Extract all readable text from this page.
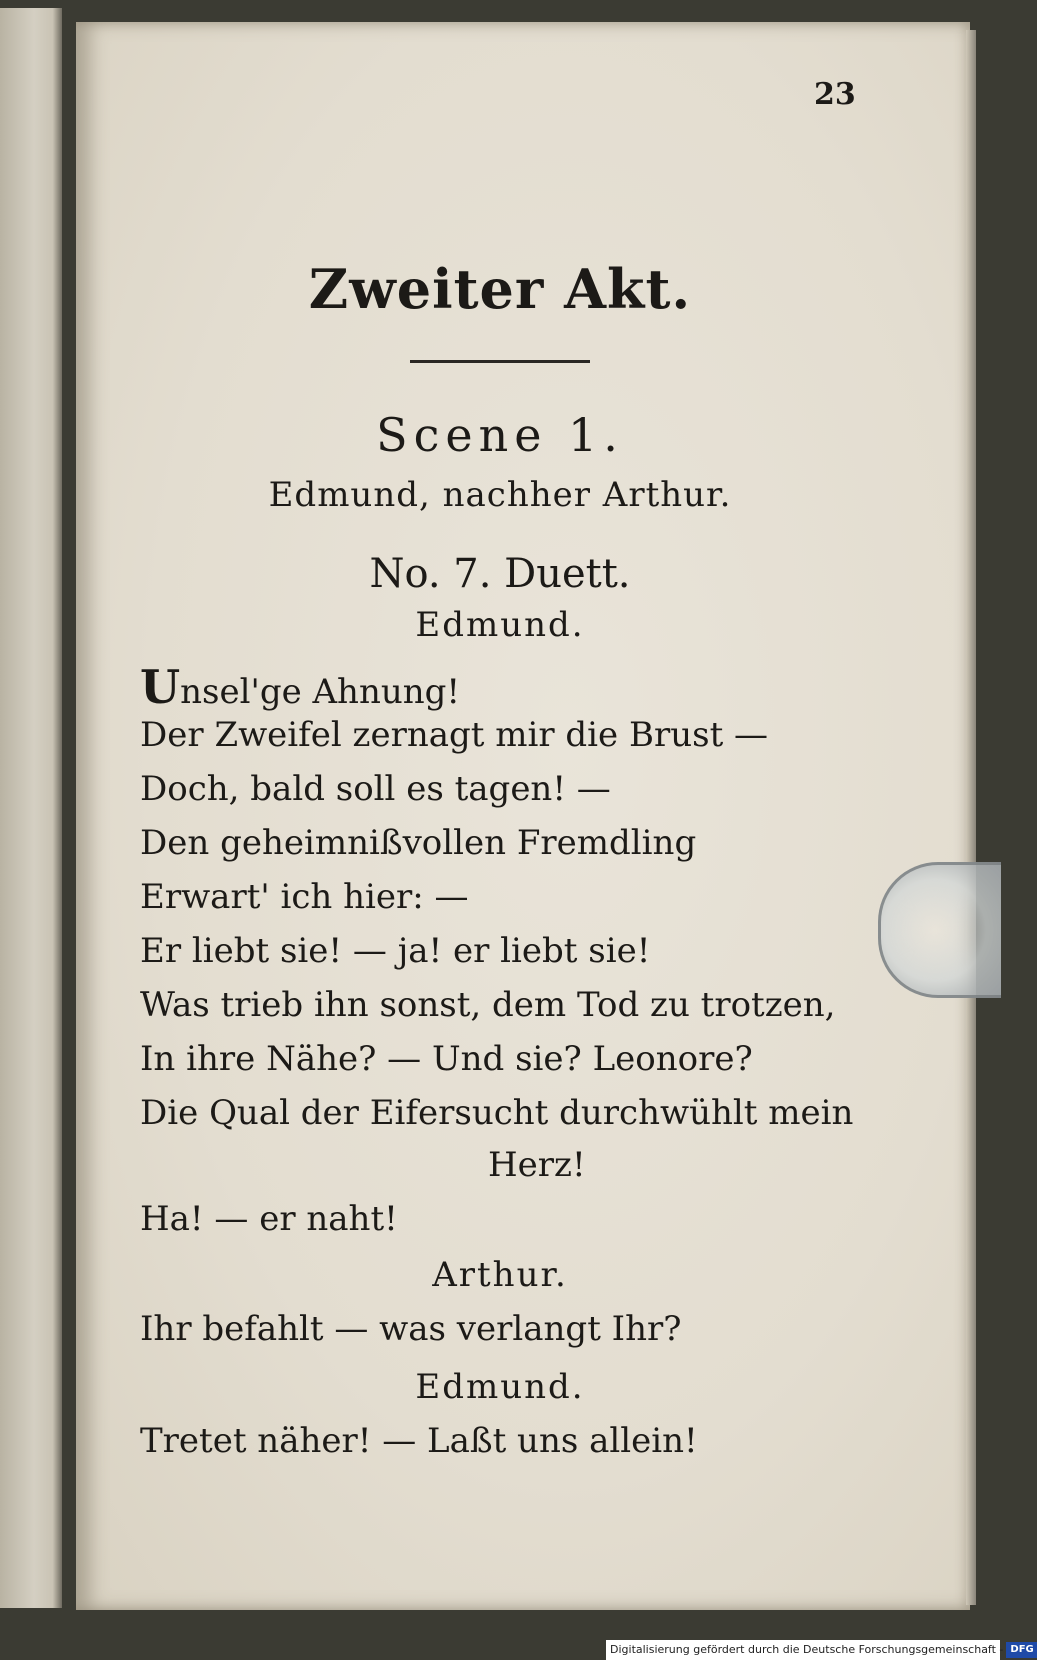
23
Zweiter Akt.
Scene 1.
Edmund, nachher Arthur.
No. 7. Duett.
Edmund.
Unsel'ge Ahnung!
Der Zweifel zernagt mir die Brust —
Doch, bald soll es tagen! —
Den geheimnißvollen Fremdling
Erwart' ich hier: —
Er liebt sie! — ja! er liebt sie!
Was trieb ihn sonst, dem Tod zu trotzen,
In ihre Nähe? — Und sie? Leonore?
Die Qual der Eifersucht durchwühlt mein
Herz!
Ha! — er naht!
Arthur.
Ihr befahlt — was verlangt Ihr?
Edmund.
Tretet näher! — Laßt uns allein!
Digitalisierung gefördert durch die Deutsche Forschungsgemeinschaft - DFG
